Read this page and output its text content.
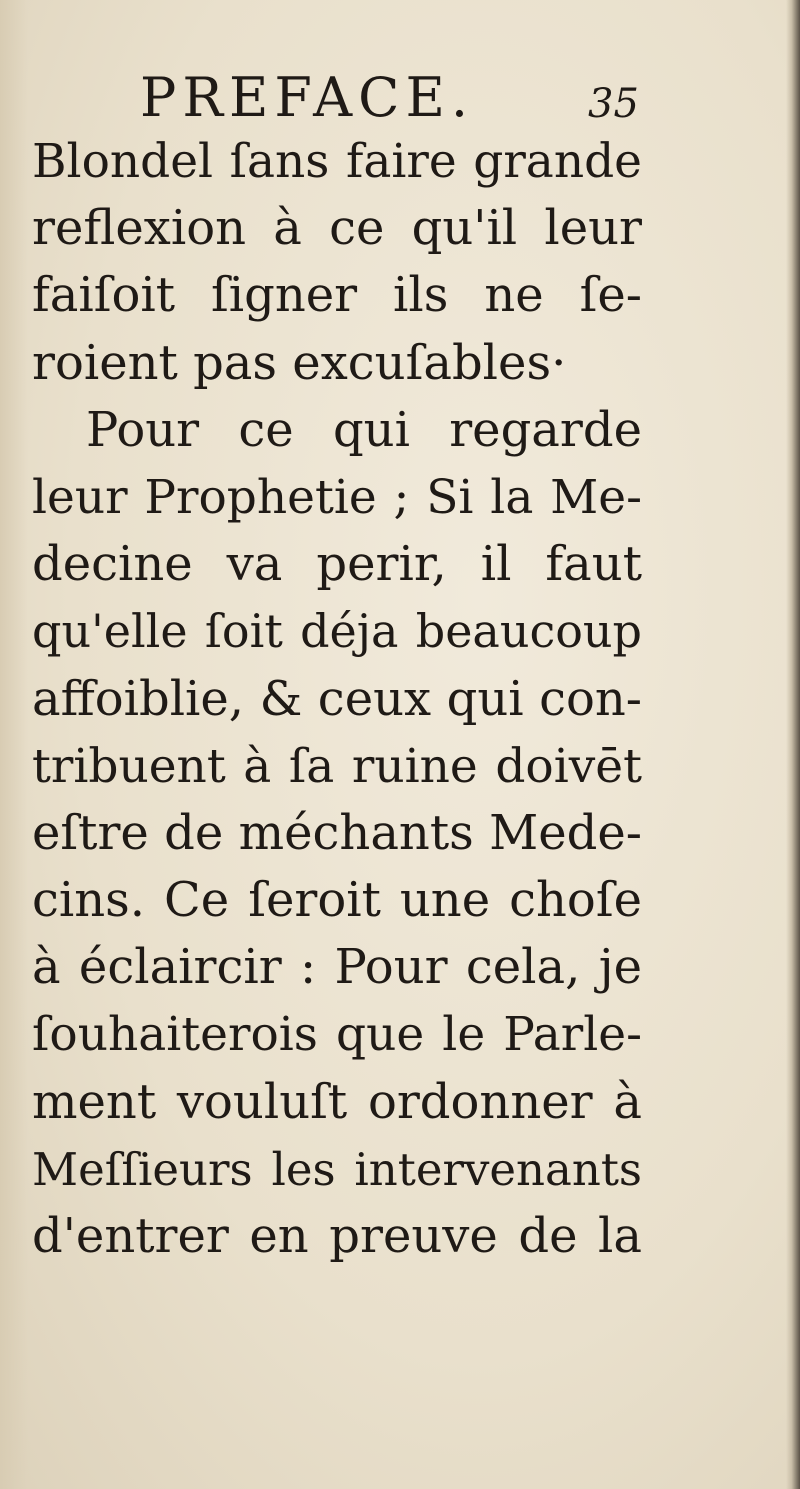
PREFACE.	35
Blondel ſans faire grande
reflexion à ce qu'il leur
faiſoit ſigner ils ne ſe-
roient pas excuſables·
Pour ce qui regarde
leur Prophetie ; Si la Me-
decine va perir, il faut
qu'elle ſoit déja beaucoup
affoiblie, & ceux qui con-
tribuent à ſa ruine doivēt
eſtre de méchants Mede-
cins. Ce ſeroit une choſe
à éclaircir : Pour cela, je
ſouhaiterois que le Parle-
ment vouluſt ordonner à
Meſſieurs les intervenants
d'entrer en preuve de la
